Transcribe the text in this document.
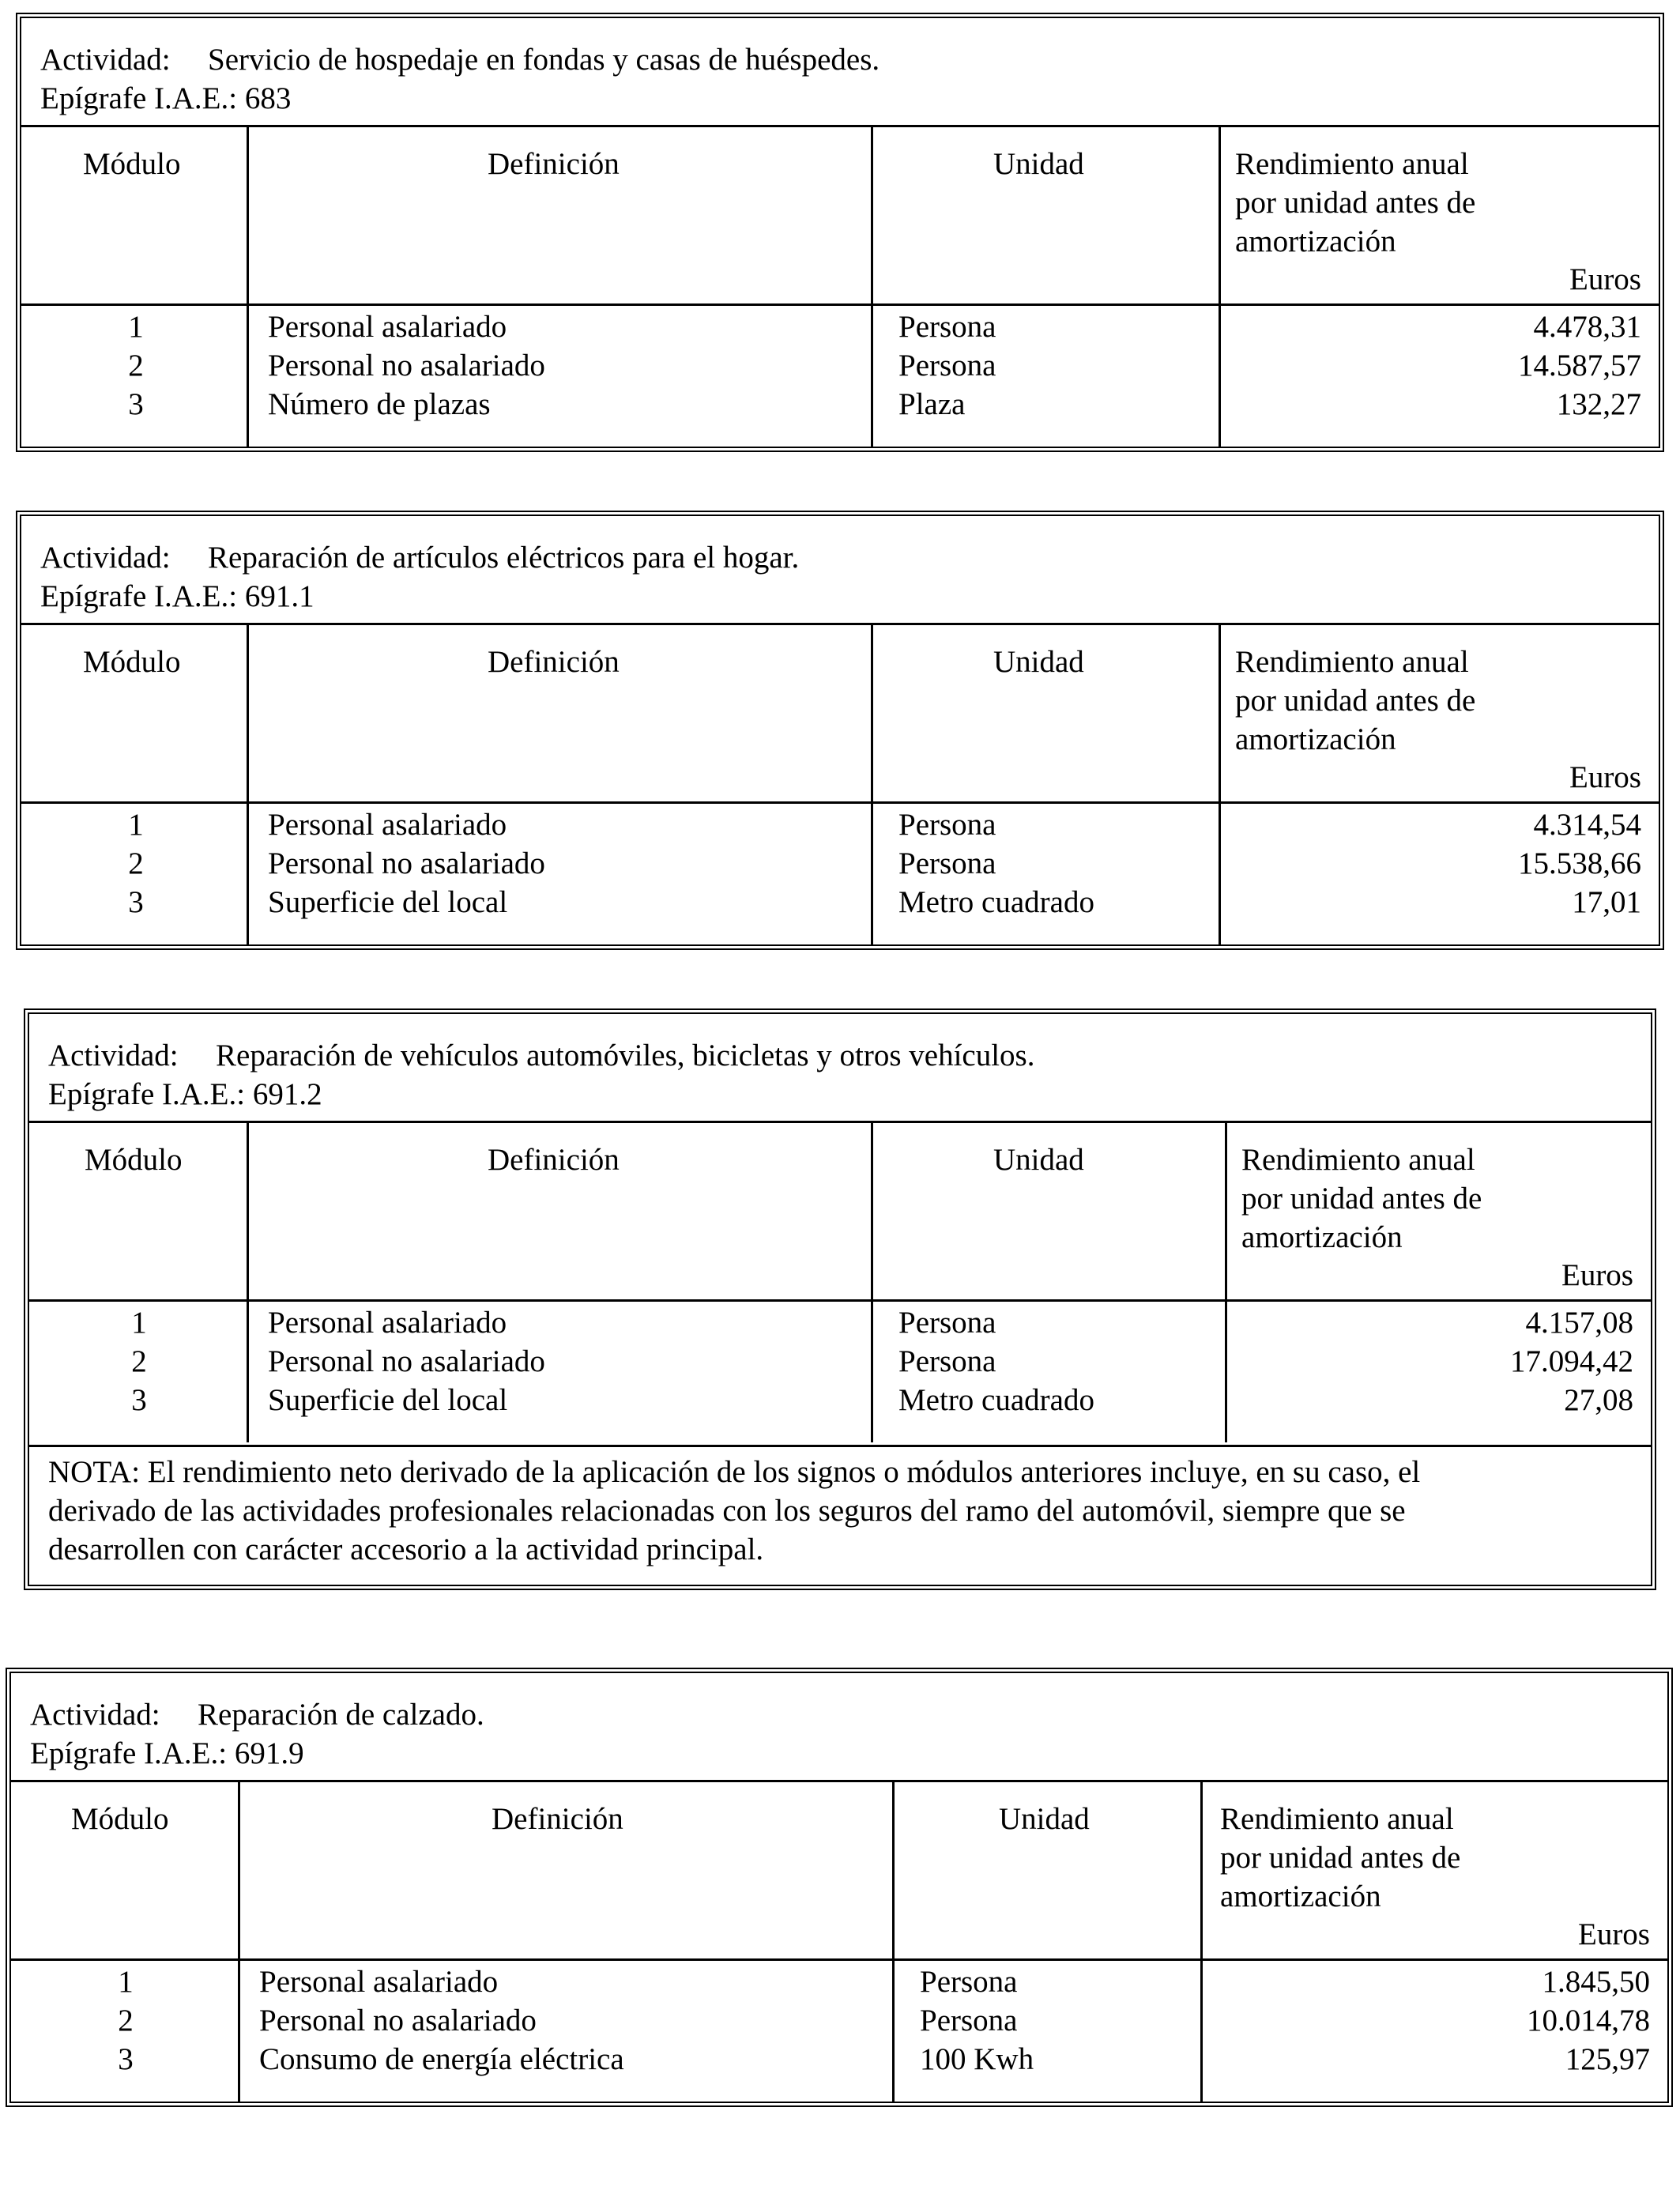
Actividad: Servicio de hospedaje en fondas y casas de huéspedes.
Epígrafe I.A.E.: 683
Módulo	Definición	Unidad	Rendimiento anual
por unidad antes de
amortización
Euros
1	Personal asalariado	Persona	4.478,31
2	Personal no asalariado	Persona	14.587,57
3	Número de plazas	Plaza	132,27
Actividad: Reparación de artículos eléctricos para el hogar.
Epígrafe I.A.E.: 691.1
Módulo	Definición	Unidad	Rendimiento anual
por unidad antes de
amortización
Euros
1	Personal asalariado	Persona	4.314,54
2	Personal no asalariado	Persona	15.538,66
3	Superficie del local	Metro cuadrado	17,01
Actividad: Reparación de vehículos automóviles, bicicletas y otros vehículos.
Epígrafe I.A.E.: 691.2
Módulo	Definición	Unidad	Rendimiento anual
por unidad antes de
amortización
Euros
1	Personal asalariado	Persona	4.157,08
2	Personal no asalariado	Persona	17.094,42
3	Superficie del local	Metro cuadrado	27,08
NOTA: El rendimiento neto derivado de la aplicación de los signos o módulos anteriores incluye, en su caso, el
derivado de las actividades profesionales relacionadas con los seguros del ramo del automóvil, siempre que se
desarrollen con carácter accesorio a la actividad principal.
Actividad: Reparación de calzado.
Epígrafe I.A.E.: 691.9
Módulo	Definición	Unidad	Rendimiento anual
por unidad antes de
amortización
Euros
1	Personal asalariado	Persona	1.845,50
2	Personal no asalariado	Persona	10.014,78
3	Consumo de energía eléctrica	100 Kwh	125,97
